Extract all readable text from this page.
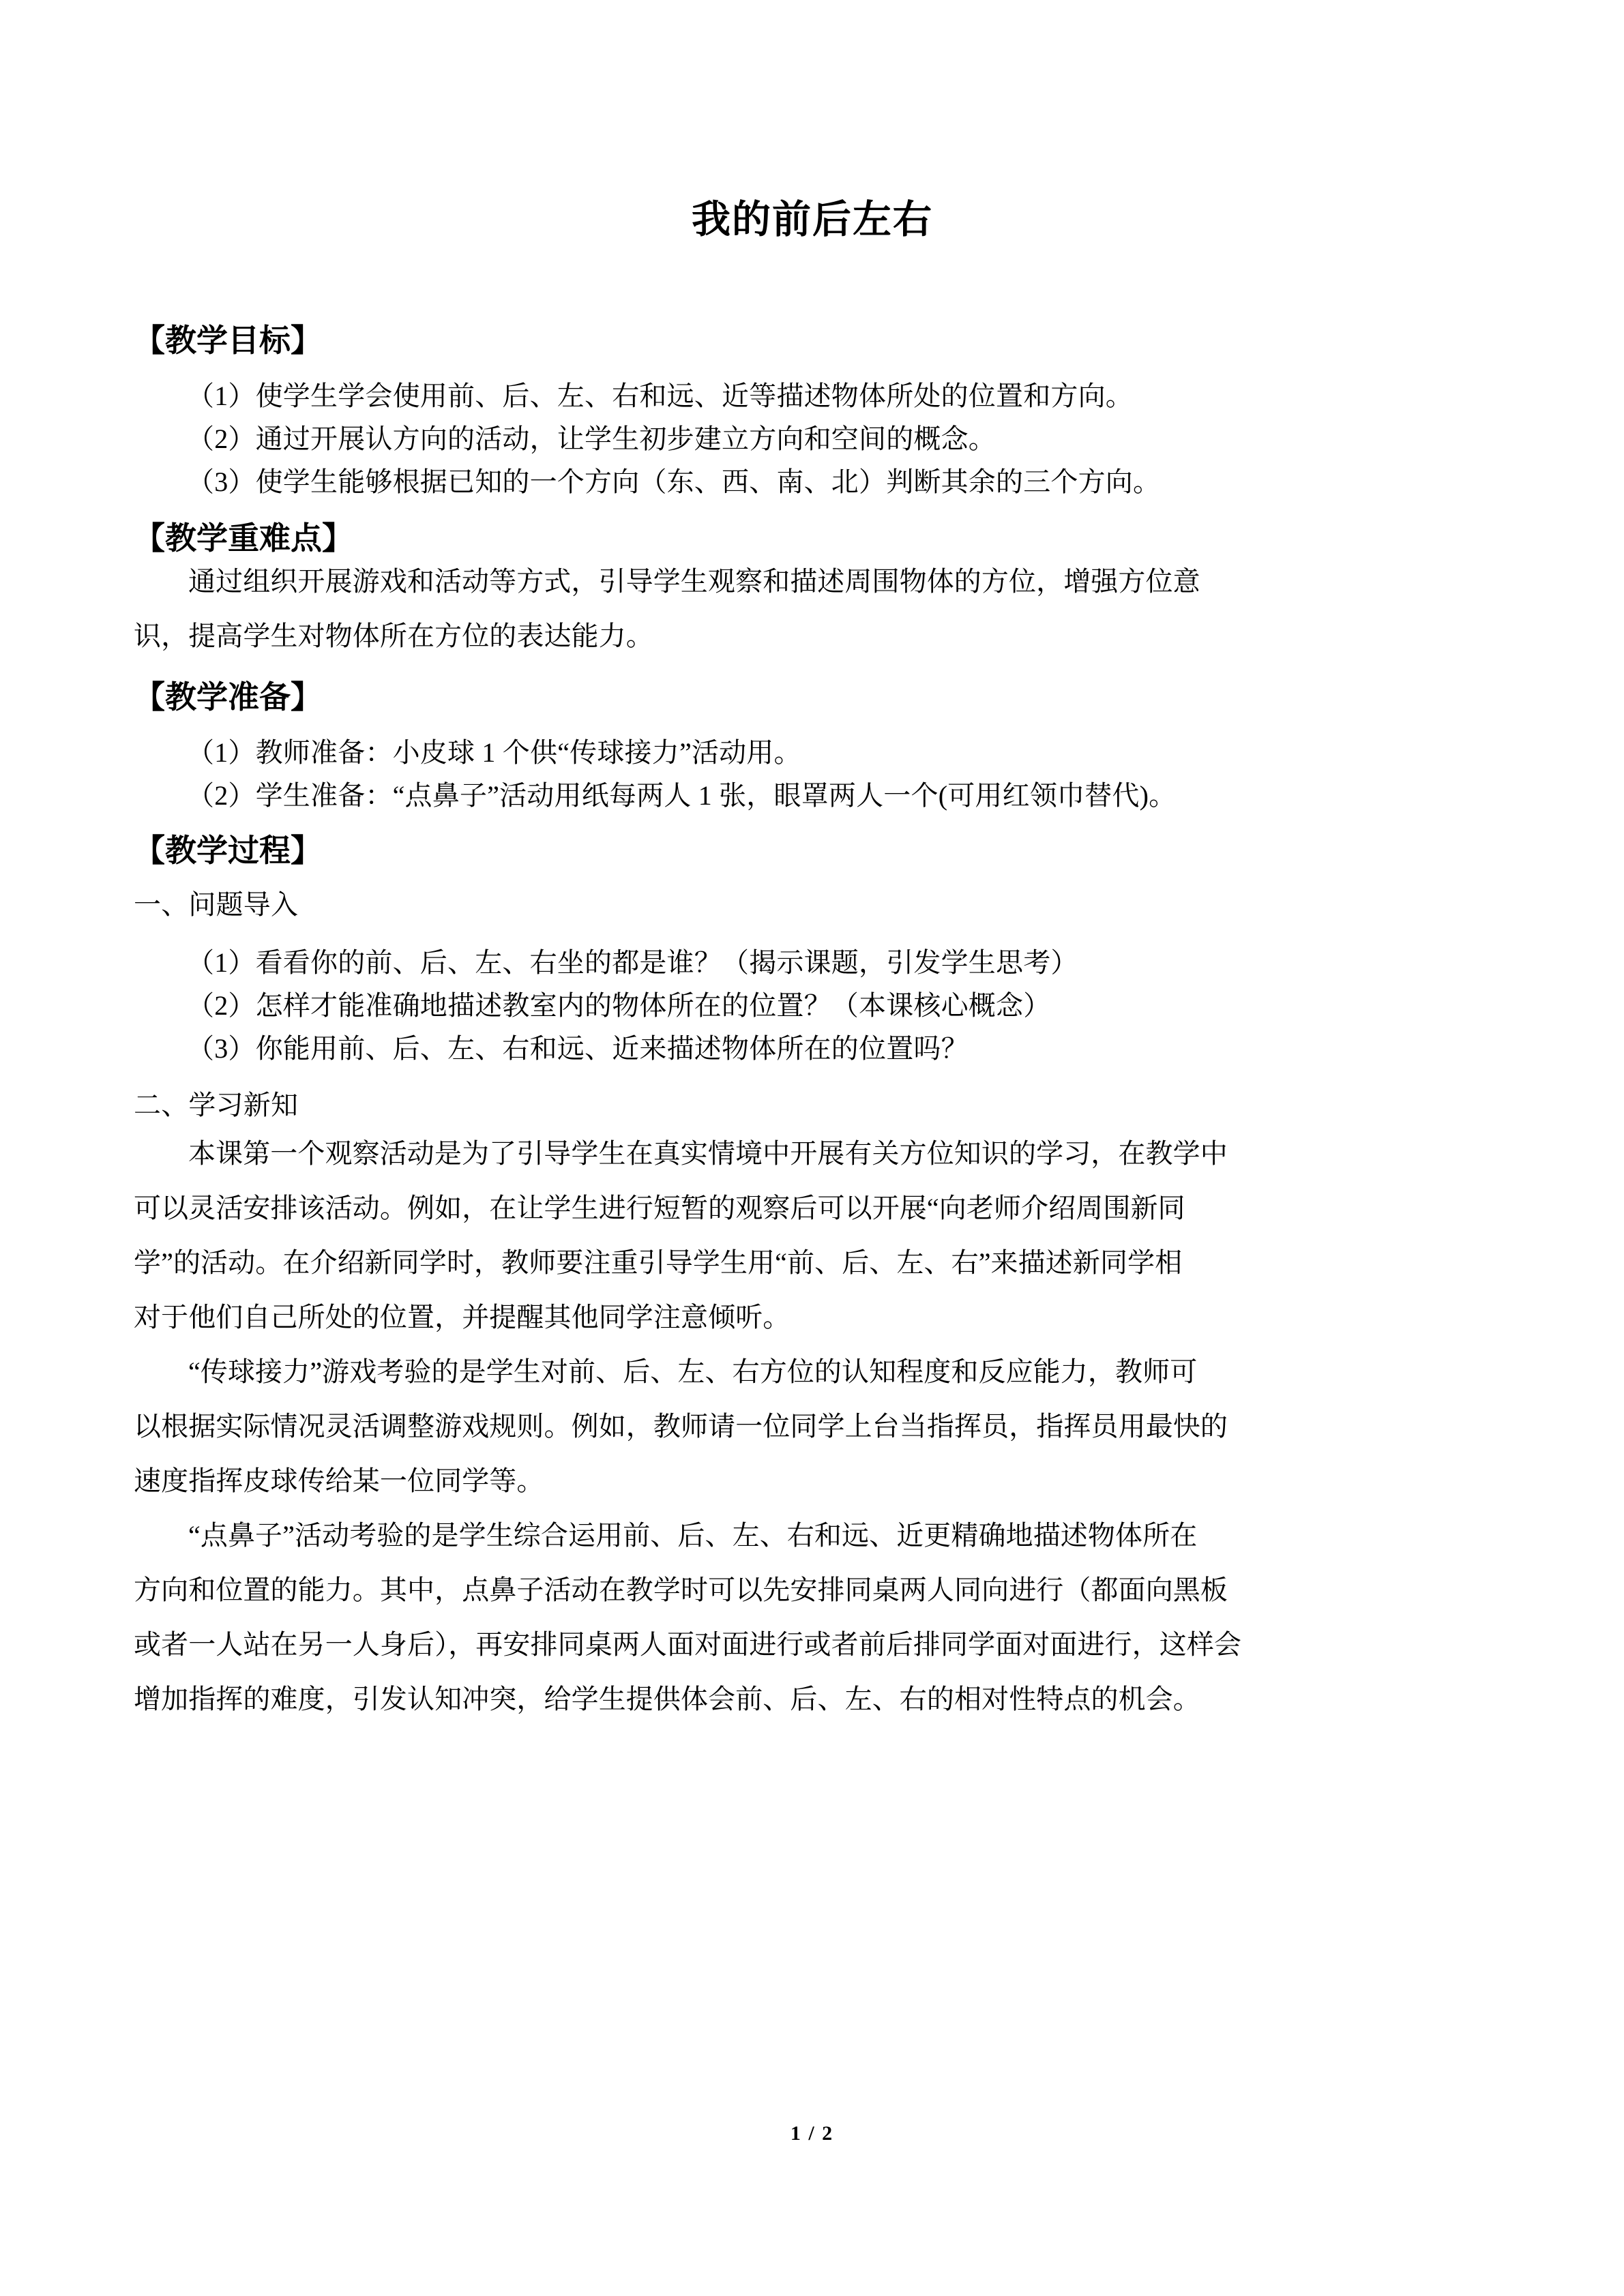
我的前后左右
【教学目标】
（1）使学生学会使用前、后、左、右和远、近等描述物体所处的位置和方向。
（2）通过开展认方向的活动，让学生初步建立方向和空间的概念。
（3）使学生能够根据已知的一个方向（东、西、南、北）判断其余的三个方向。
【教学重难点】
通过组织开展游戏和活动等方式，引导学生观察和描述周围物体的方位，增强方位意
识，提高学生对物体所在方位的表达能力。
【教学准备】
（1）教师准备：小皮球 1 个供“传球接力”活动用。
（2）学生准备：“点鼻子”活动用纸每两人 1 张，眼罩两人一个(可用红领巾替代)。
【教学过程】
一、问题导入
（1）看看你的前、后、左、右坐的都是谁？（揭示课题，引发学生思考）
（2）怎样才能准确地描述教室内的物体所在的位置？（本课核心概念）
（3）你能用前、后、左、右和远、近来描述物体所在的位置吗？
二、学习新知
本课第一个观察活动是为了引导学生在真实情境中开展有关方位知识的学习，在教学中
可以灵活安排该活动。例如，在让学生进行短暂的观察后可以开展“向老师介绍周围新同
学”的活动。在介绍新同学时，教师要注重引导学生用“前、后、左、右”来描述新同学相
对于他们自己所处的位置，并提醒其他同学注意倾听。
“传球接力”游戏考验的是学生对前、后、左、右方位的认知程度和反应能力，教师可
以根据实际情况灵活调整游戏规则。例如，教师请一位同学上台当指挥员，指挥员用最快的
速度指挥皮球传给某一位同学等。
“点鼻子”活动考验的是学生综合运用前、后、左、右和远、近更精确地描述物体所在
方向和位置的能力。其中，点鼻子活动在教学时可以先安排同桌两人同向进行（都面向黑板
或者一人站在另一人身后），再安排同桌两人面对面进行或者前后排同学面对面进行，这样会
增加指挥的难度，引发认知冲突，给学生提供体会前、后、左、右的相对性特点的机会。
1 / 2
